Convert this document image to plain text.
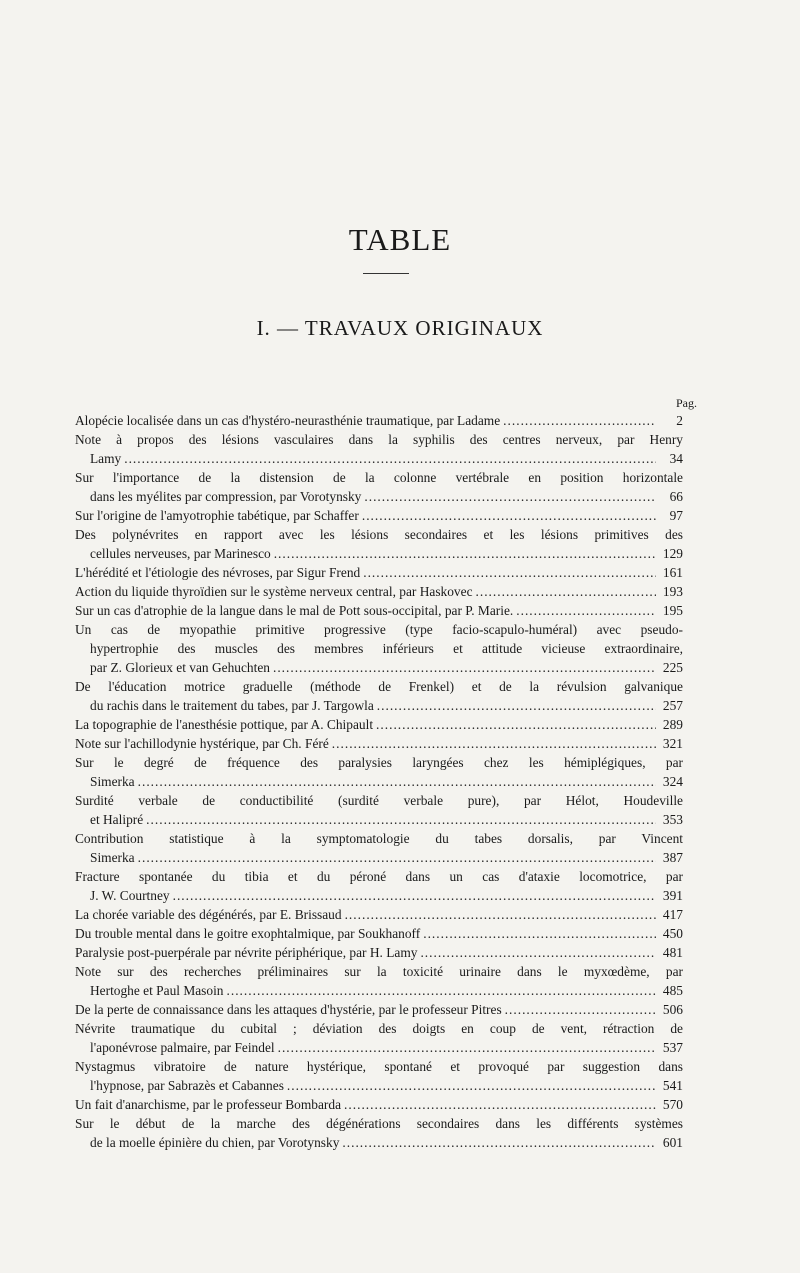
TABLE
I. — TRAVAUX ORIGINAUX
Pag.
Alopécie localisée dans un cas d'hystéro-neurasthénie traumatique, par Ladame .....	2
Note à propos des lésions vasculaires dans la syphilis des centres nerveux, par Henry
Lamy .....	34
Sur l'importance de la distension de la colonne vertébrale en position horizontale
dans les myélites par compression, par Vorotynsky .....	66
Sur l'origine de l'amyotrophie tabétique, par Schaffer .....	97
Des polynévrites en rapport avec les lésions secondaires et les lésions primitives des
cellules nerveuses, par Marinesco .....	129
L'hérédité et l'étiologie des névroses, par Sigur Frend .....	161
Action du liquide thyroïdien sur le système nerveux central, par Haskovec .....	193
Sur un cas d'atrophie de la langue dans le mal de Pott sous-occipital, par P. Marie. .....	195
Un cas de myopathie primitive progressive (type facio-scapulo-huméral) avec pseudo-
hypertrophie des muscles des membres inférieurs et attitude vicieuse extraordinaire,
par Z. Glorieux et van Gehuchten .....	225
De l'éducation motrice graduelle (méthode de Frenkel) et de la révulsion galvanique
du rachis dans le traitement du tabes, par J. Targowla .....	257
La topographie de l'anesthésie pottique, par A. Chipault .....	289
Note sur l'achillodynie hystérique, par Ch. Féré .....	321
Sur le degré de fréquence des paralysies laryngées chez les hémiplégiques, par
Simerka .....	324
Surdité verbale de conductibilité (surdité verbale pure), par Hélot, Houdeville
et Halipré .....	353
Contribution statistique à la symptomatologie du tabes dorsalis, par Vincent
Simerka .....	387
Fracture spontanée du tibia et du péroné dans un cas d'ataxie locomotrice, par
J. W. Courtney .....	391
La chorée variable des dégénérés, par E. Brissaud .....	417
Du trouble mental dans le goitre exophtalmique, par Soukhanoff .....	450
Paralysie post-puerpérale par névrite périphérique, par H. Lamy .....	481
Note sur des recherches préliminaires sur la toxicité urinaire dans le myxœdème, par
Hertoghe et Paul Masoin .....	485
De la perte de connaissance dans les attaques d'hystérie, par le professeur Pitres .....	506
Névrite traumatique du cubital ; déviation des doigts en coup de vent, rétraction de
l'aponévrose palmaire, par Feindel .....	537
Nystagmus vibratoire de nature hystérique, spontané et provoqué par suggestion dans
l'hypnose, par Sabrazès et Cabannes .....	541
Un fait d'anarchisme, par le professeur Bombarda .....	570
Sur le début de la marche des dégénérations secondaires dans les différents systèmes
de la moelle épinière du chien, par Vorotynsky .....	601
